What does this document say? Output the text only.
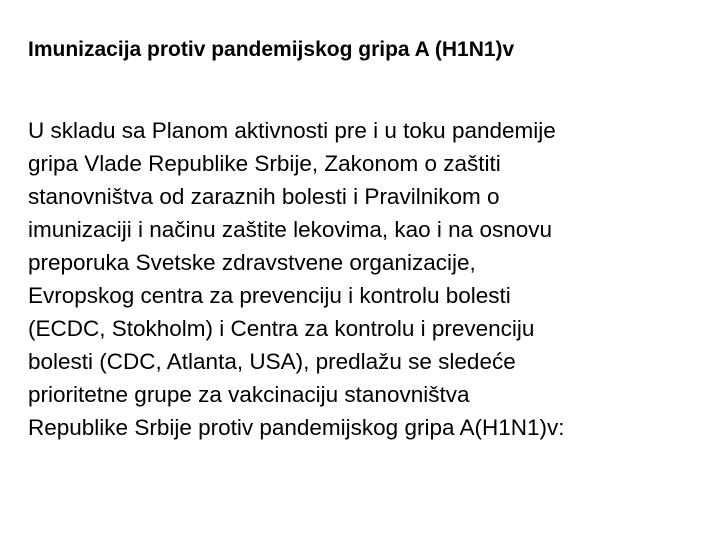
Imunizacija protiv pandemijskog gripa A (H1N1)v

U skladu sa Planom aktivnosti pre i u toku pandemije
gripa Vlade Republike Srbije, Zakonom o zaštiti
stanovništva od zaraznih bolesti i Pravilnikom o
imunizaciji i načinu zaštite lekovima, kao i na osnovu
preporuka Svetske zdravstvene organizacije,
Evropskog centra za prevenciju i kontrolu bolesti
(ECDC, Stokholm) i Centra za kontrolu i prevenciju
bolesti (CDC, Atlanta, USA), predlažu se sledeće
prioritetne grupe za vakcinaciju stanovništva
Republike Srbije protiv pandemijskog gripa A(H1N1)v:
